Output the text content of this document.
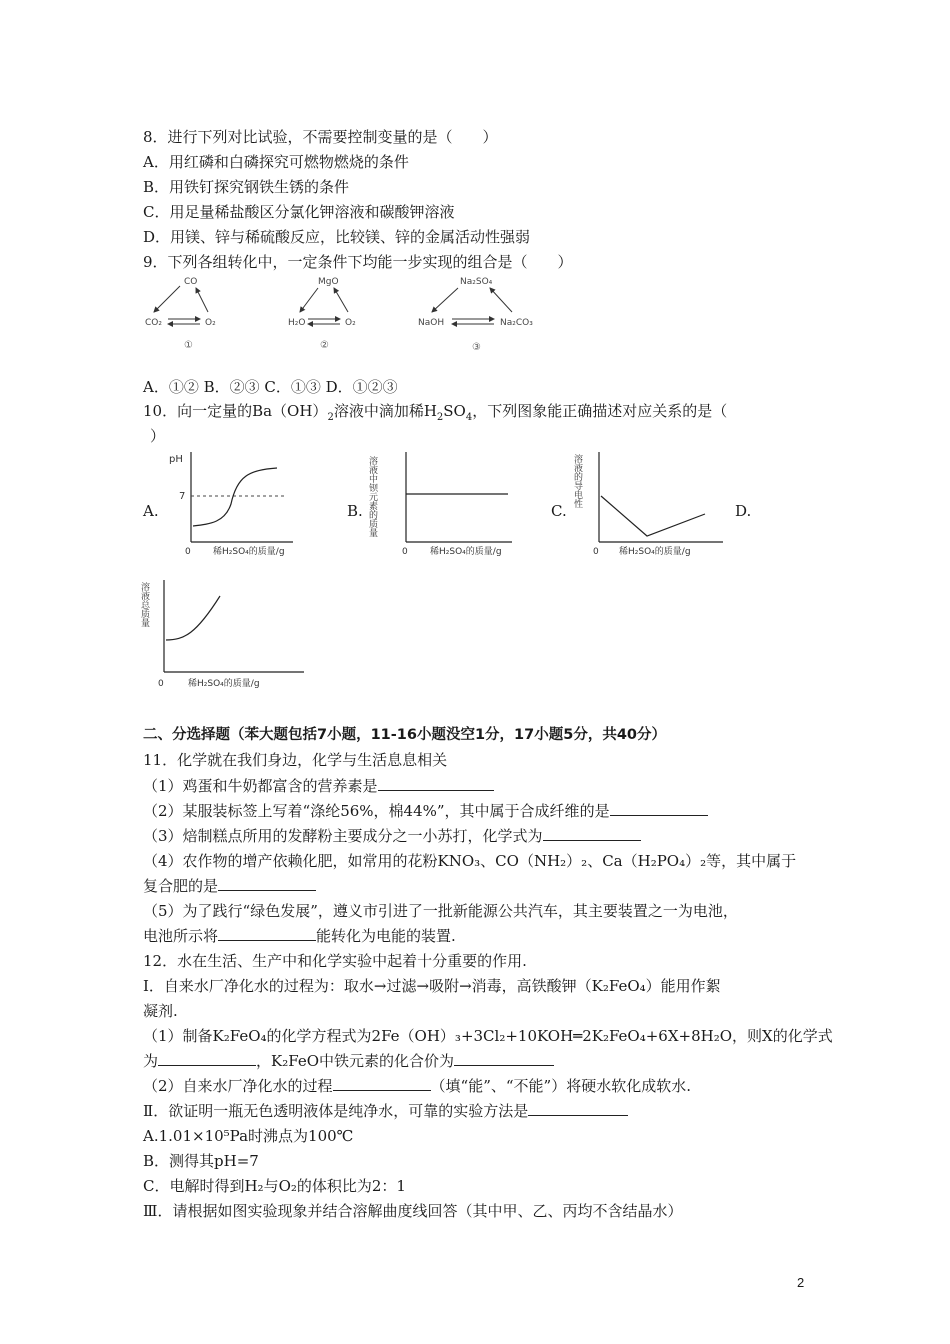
8．进行下列对比试验，不需要控制变量的是（　　）
A．用红磷和白磷探究可燃物燃烧的条件
B．用铁钉探究钢铁生锈的条件
C．用足量稀盐酸区分氯化钾溶液和碳酸钾溶液
D．用镁、锌与稀硫酸反应，比较镁、锌的金属活动性强弱
9．下列各组转化中，一定条件下均能一步实现的组合是（　　）
CO
CO₂	O₂
①
MgO
H₂O	O₂
②
Na₂SO₄
NaOH	Na₂CO₃
③
A．①② B．②③ C．①③ D．①②③
10．向一定量的$Ba(OH)_2$溶液中滴加稀$H_2SO_4$，下列图象能正确描述对应关系的是（
）
A.	B.	C.	D.
pH
7
0 稀H₂SO₄的质量/g
溶液中钡元素的质量
0 稀H₂SO₄的质量/g
溶液的导电性
0 稀H₂SO₄的质量/g
溶液总质量
0	稀H₂SO₄的质量/g
二、分选择题（苯大题包括7小题，11-16小题没空1分，17小题5分，共40分）
11．化学就在我们身边，化学与生活息息相关
（1）鸡蛋和牛奶都富含的营养素是
（2）某服装标签上写着“涤纶56%，棉44%”，其中属于合成纤维的是
（3）焙制糕点所用的发酵粉主要成分之一小苏打，化学式为
（4）农作物的增产依赖化肥，如常用的花粉KNO₃、CO（NH₂）₂、Ca（H₂PO₄）₂等，其中属于
复合肥的是
（5）为了践行“绿色发展”，遵义市引进了一批新能源公共汽车，其主要装置之一为电池，
电池所示将	能转化为电能的装置.
12．水在生活、生产中和化学实验中起着十分重要的作用.
Ⅰ．自来水厂净化水的过程为：取水→过滤→吸附→消毒，高铁酸钾（K₂FeO₄）能用作絮
凝剂.
（1）制备K₂FeO₄的化学方程式为2Fe（OH）₃+3Cl₂+10KOH═2K₂FeO₄+6X+8H₂O，则X的化学式
为	，K₂FeO中铁元素的化合价为
（2）自来水厂净化水的过程	（填“能”、“不能”）将硬水软化成软水.
Ⅱ．欲证明一瓶无色透明液体是纯净水，可靠的实验方法是
A.1.01×10⁵Pa时沸点为100℃
B．测得其pH=7
C．电解时得到H₂与O₂的体积比为2：1
Ⅲ．请根据如图实验现象并结合溶解曲度线回答（其中甲、乙、丙均不含结晶水）
2
